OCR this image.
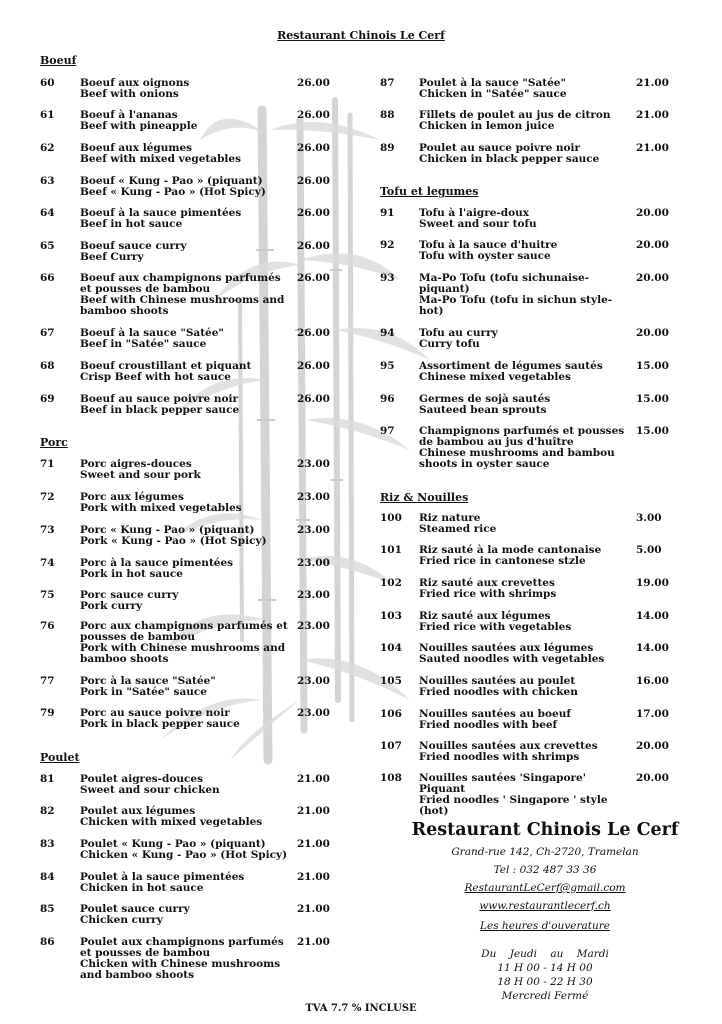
Restaurant Chinois Le Cerf
Boeuf
60 Boeuf aux oignons
Beef with onions
26.00
61 Boeuf à l'ananas
Beef with pineapple
26.00
62 Boeuf aux légumes
Beef with mixed vegetables
26.00
63 Boeuf « Kung - Pao » (piquant)
Beef « Kung - Pao » (Hot Spicy)
26.00
64 Boeuf à la sauce pimentées
Beef in hot sauce
26.00
65 Boeuf sauce curry
Beef Curry
26.00
66 Boeuf aux champignons parfumés
et pousses de bambou
Beef with Chinese mushrooms and
bamboo shoots
26.00
67 Boeuf à la sauce "Satée"
Beef in "Satée" sauce
26.00
68 Boeuf croustillant et piquant
Crisp Beef with hot sauce
26.00
69 Boeuf au sauce poivre noir
Beef in black pepper sauce
26.00
Porc
71 Porc aigres-douces
Sweet and sour pork
23.00
72 Porc aux légumes
Pork with mixed vegetables
23.00
73 Porc « Kung - Pao » (piquant)
Pork « Kung - Pao » (Hot Spicy)
23.00
74 Porc à la sauce pimentées
Pork in hot sauce
23.00
75 Porc sauce curry
Pork curry
23.00
76 Porc aux champignons parfumés et
pousses de bambou
Pork with Chinese mushrooms and
bamboo shoots
23.00
77 Porc à la sauce "Satée"
Pork in "Satée" sauce
23.00
79 Porc au sauce poivre noir
Pork in black pepper sauce
23.00
Poulet
81 Poulet aigres-douces
Sweet and sour chicken
21.00
82 Poulet aux légumes
Chicken with mixed vegetables
21.00
83 Poulet « Kung - Pao » (piquant)
Chicken « Kung - Pao » (Hot Spicy)
21.00
84 Poulet à la sauce pimentées
Chicken in hot sauce
21.00
85 Poulet sauce curry
Chicken curry
21.00
86 Poulet aux champignons parfumés
et pousses de bambou
Chicken with Chinese mushrooms
and bamboo shoots
21.00
87 Poulet à la sauce "Satée"
Chicken in "Satée" sauce
21.00
88 Fillets de poulet au jus de citron
Chicken in lemon juice
21.00
89 Poulet au sauce poivre noir
Chicken in black pepper sauce
21.00
Tofu et legumes
91 Tofu à l'aigre-doux
Sweet and sour tofu
20.00
92 Tofu à la sauce d'huitre
Tofu with oyster sauce
20.00
93 Ma-Po Tofu (tofu sichunaise-
piquant)
Ma-Po Tofu (tofu in sichun style-
hot)
20.00
94 Tofu au curry
Curry tofu
20.00
95 Assortiment de légumes sautés
Chinese mixed vegetables
15.00
96 Germes de sojà sautés
Sauteed bean sprouts
15.00
97 Champignons parfumés et pousses
de bambou au jus d'huître
Chinese mushrooms and bambou
shoots in oyster sauce
15.00
Riz & Nouilles
100 Riz nature
Steamed rice
3.00
101 Riz sauté à la mode cantonaise
Fried rice in cantonese stzle
5.00
102 Riz sauté aux crevettes
Fried rice with shrimps
19.00
103 Riz sauté aux légumes
Fried rice with vegetables
14.00
104 Nouilles sautées aux légumes
Sauted noodles with vegetables
14.00
105 Nouilles sautées au poulet
Fried noodles with chicken
16.00
106 Nouilles sautées au boeuf
Fried noodles with beef
17.00
107 Nouilles sautées aux crevettes
Fried noodles with shrimps
20.00
108 Nouilles sautées 'Singapore'
Piquant
Fried noodles ' Singapore ' style
(hot)
20.00
Restaurant Chinois Le Cerf
Grand-rue 142, Ch-2720, Tramelan
Tel : 032 487 33 36
RestaurantLeCerf@gmail.com
www.restaurantlecerf.ch
Les heures d'ouverature
Du    Jeudi    au    Mardi
11 H 00 - 14 H 00
18 H 00 - 22 H 30
Mercredi Fermé
TVA 7.7 % INCLUSE
